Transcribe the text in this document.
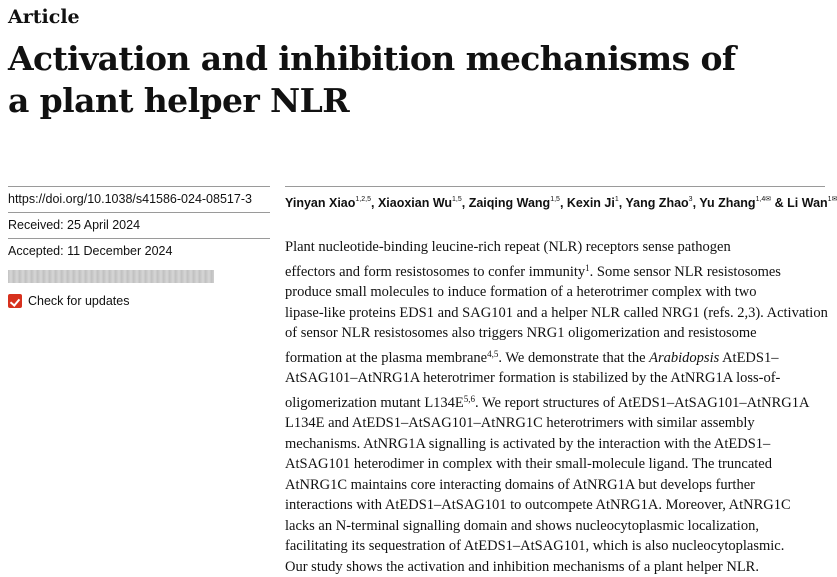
Article
Activation and inhibition mechanisms of
a plant helper NLR
https://doi.org/10.1038/s41586-024-08517-3
Received: 25 April 2024
Accepted: 11 December 2024
Check for updates
Yinyan Xiao$^{1,2,5}$, Xiaoxian Wu$^{1,5}$, Zaiqing Wang$^{1,5}$, Kexin Ji$^1$, Yang Zhao$^3$, Yu Zhang$^{1,4✉}$ & Li Wan$^{1✉}$
Plant nucleotide-binding leucine-rich repeat (NLR) receptors sense pathogen
effectors and form resistosomes to confer immunity$^1$. Some sensor NLR resistosomes
produce small molecules to induce formation of a heterotrimer complex with two
lipase-like proteins EDS1 and SAG101 and a helper NLR called NRG1 (refs. 2,3). Activation
of sensor NLR resistosomes also triggers NRG1 oligomerization and resistosome
formation at the plasma membrane$^{4,5}$. We demonstrate that the Arabidopsis AtEDS1–
AtSAG101–AtNRG1A heterotrimer formation is stabilized by the AtNRG1A loss-of-
oligomerization mutant $L134E^{5,6}$. We report structures of AtEDS1–AtSAG101–AtNRG1A
L134E and AtEDS1–AtSAG101–AtNRG1C heterotrimers with similar assembly
mechanisms. AtNRG1A signalling is activated by the interaction with the AtEDS1–
AtSAG101 heterodimer in complex with their small-molecule ligand. The truncated
AtNRG1C maintains core interacting domains of AtNRG1A but develops further
interactions with AtEDS1–AtSAG101 to outcompete AtNRG1A. Moreover, AtNRG1C
lacks an N-terminal signalling domain and shows nucleocytoplasmic localization,
facilitating its sequestration of AtEDS1–AtSAG101, which is also nucleocytoplasmic.
Our study shows the activation and inhibition mechanisms of a plant helper NLR.
